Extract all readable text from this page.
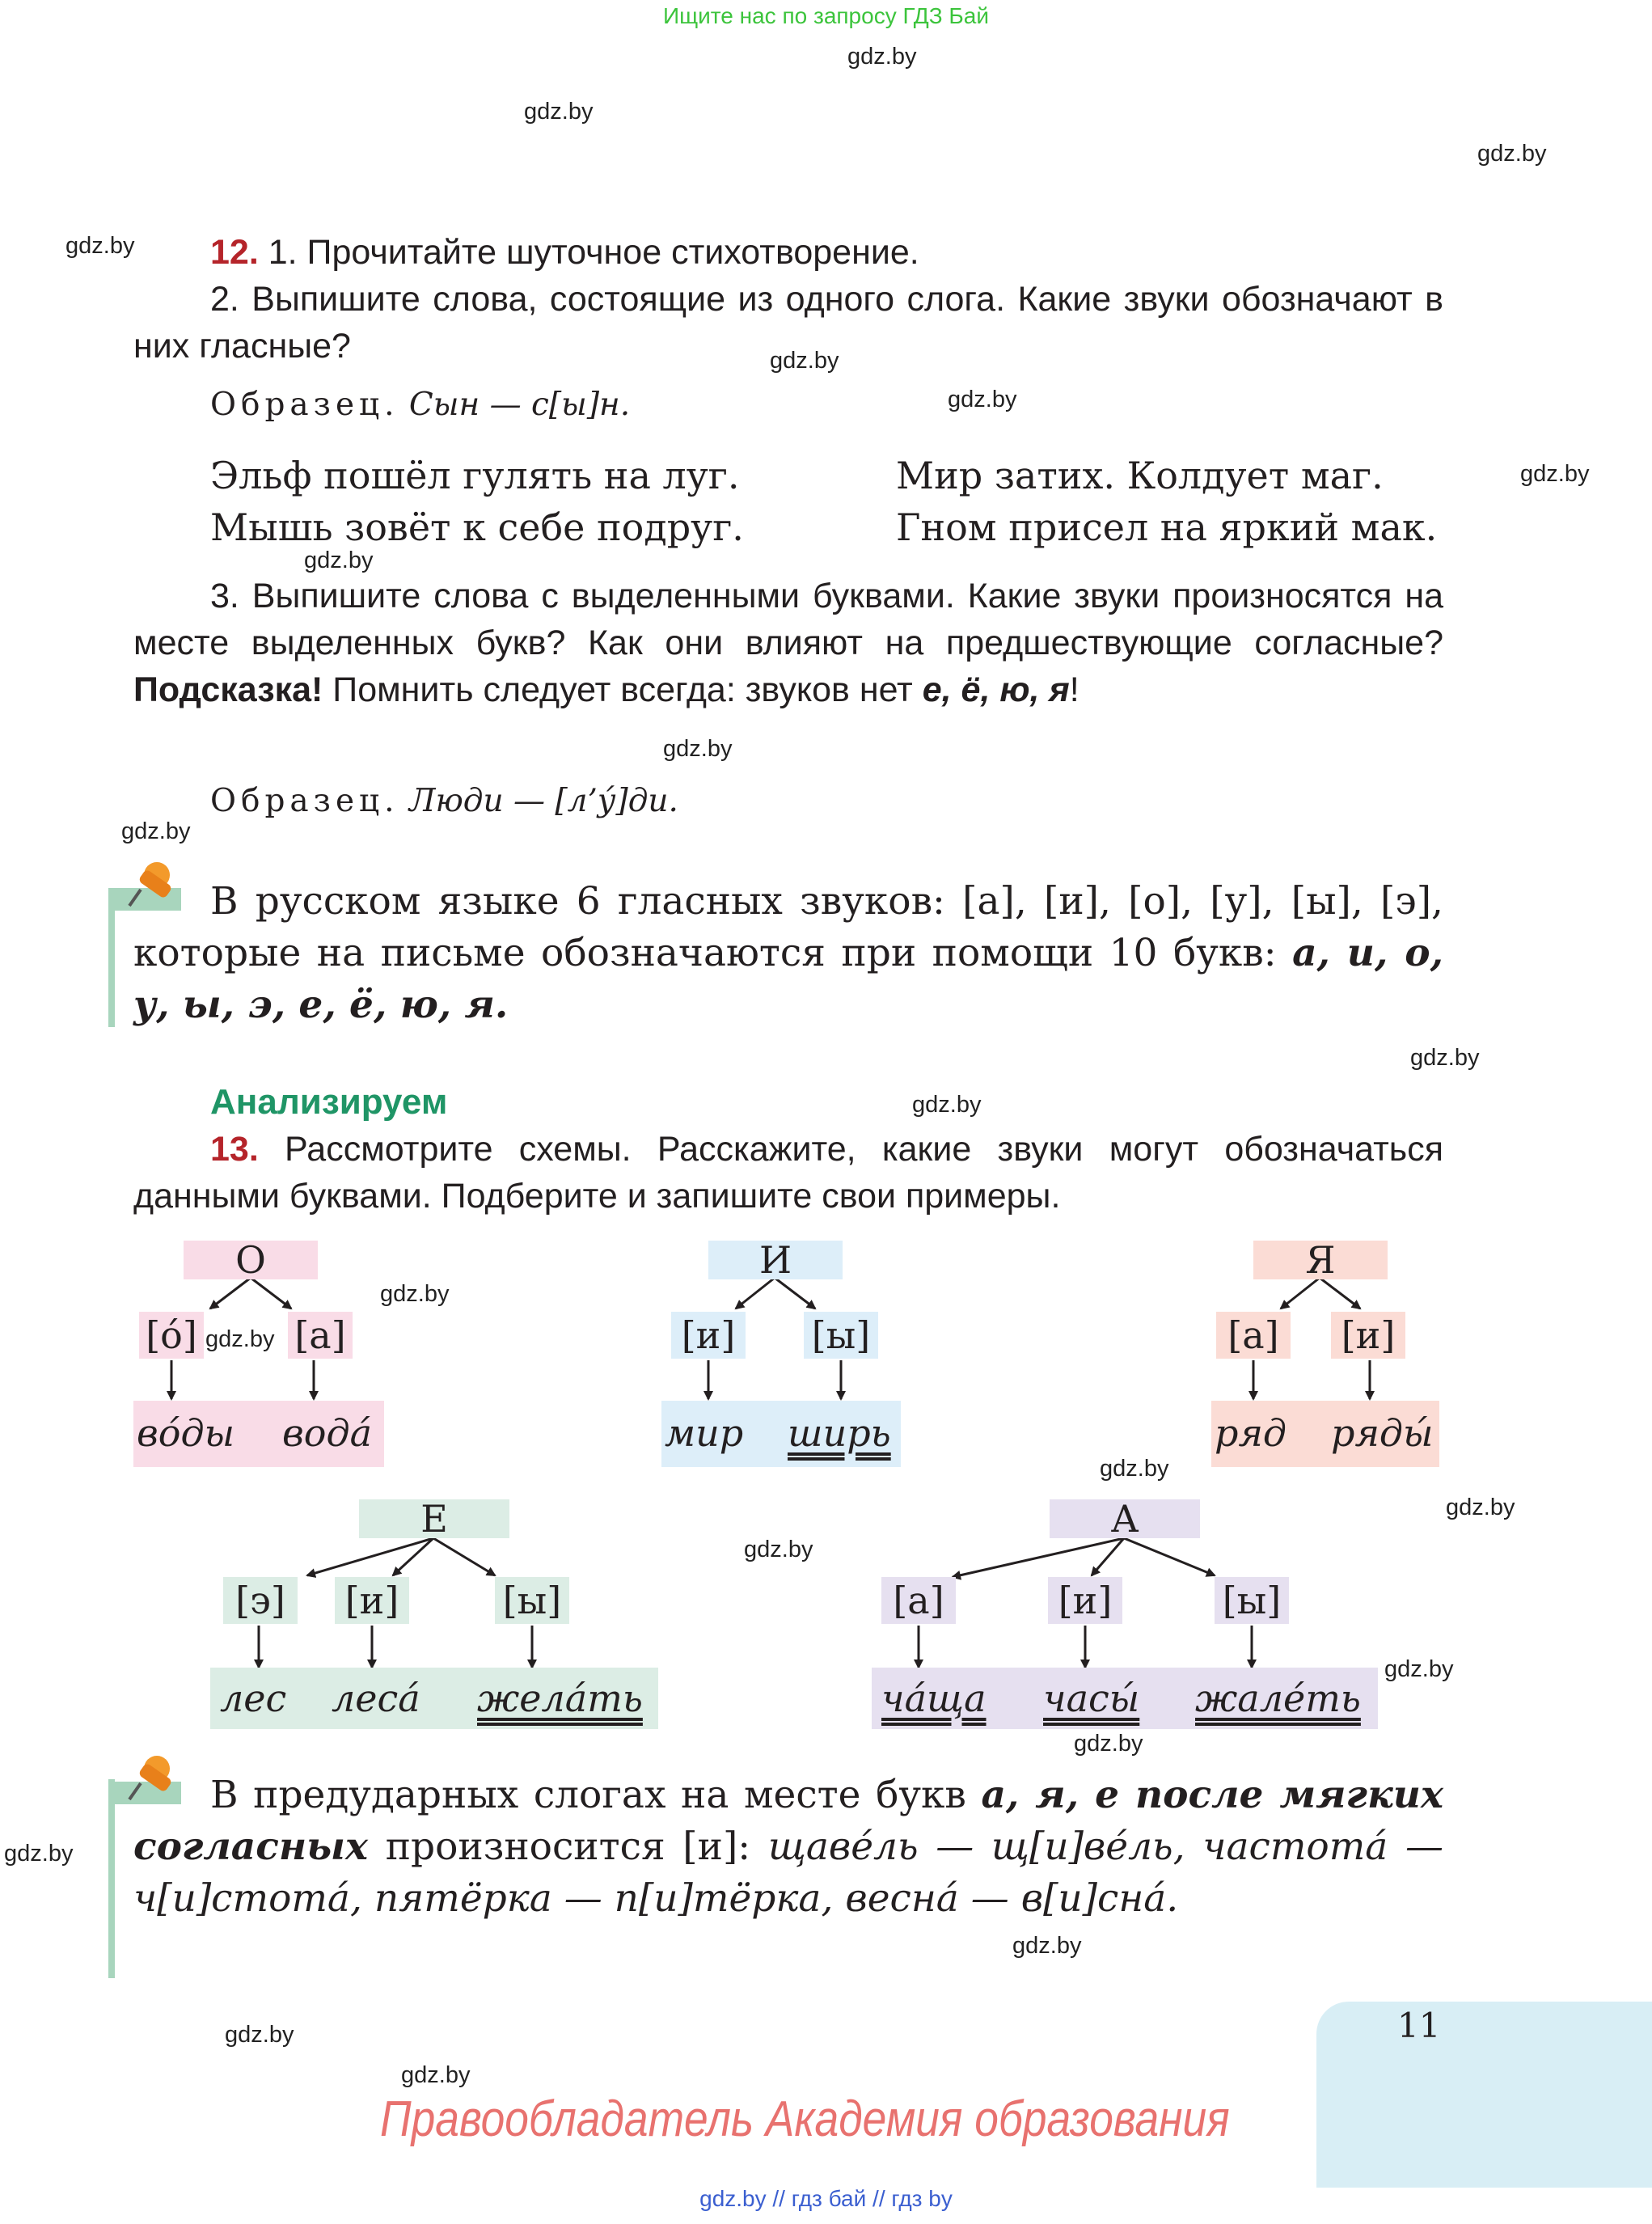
Ищите нас по запросу ГДЗ Бай
gdz.by
gdz.by
gdz.by
gdz.by
gdz.by
gdz.by
gdz.by
gdz.by
gdz.by
gdz.by
gdz.by
gdz.by
gdz.by
gdz.by
gdz.by
gdz.by
gdz.by
gdz.by
gdz.by
gdz.by
gdz.by
gdz.by
gdz.by
12. 1. Прочитайте шуточное стихотворение.
2. Выпишите слова, состоящие из одного слога. Какие звуки обозначают в них гласные?
Образец. Сын — с[ы]н.
Эльф пошёл гулять на луг.
Мышь зовёт к себе подруг.
Мир затих. Колдует маг.
Гном присел на яркий мак.
3. Выпишите слова с выделенными буквами. Какие звуки произносятся на месте выделенных букв? Как они влияют на предшествующие согласные? Подсказка! Помнить следует всегда: звуков нет е, ё, ю, я!
Образец. Люди — [л’у́]ди.
В русском языке 6 гласных звуков: [а], [и], [о], [у], [ы], [э], которые на письме обозначаются при помощи 10 букв: а, и, о, у, ы, э, е, ё, ю, я.
Анализируем
13. Рассмотрите схемы. Расскажите, какие звуки могут обозначаться данными буквами. Подберите и запишите свои примеры.
О
[о́]	[а]
во́ды вода́
И
[и] [ы]
мир ширь
Я
[а]	[и]
ряд ряды́
Е
[э]	[и]	[ы]
лес леса́ жела́ть
А
[а]	[и]	[ы]
ча́ща часы́ жале́ть
В предударных слогах на месте букв а, я, е после мягких согласных произносится [и]: щаве́ль — щ[и]ве́ль, частота́ — ч[и]стота́, пятёрка — п[и]тёрка, весна́ — в[и]сна́.
11
Правообладатель Академия образования
gdz.by // гдз бай // гдз by
